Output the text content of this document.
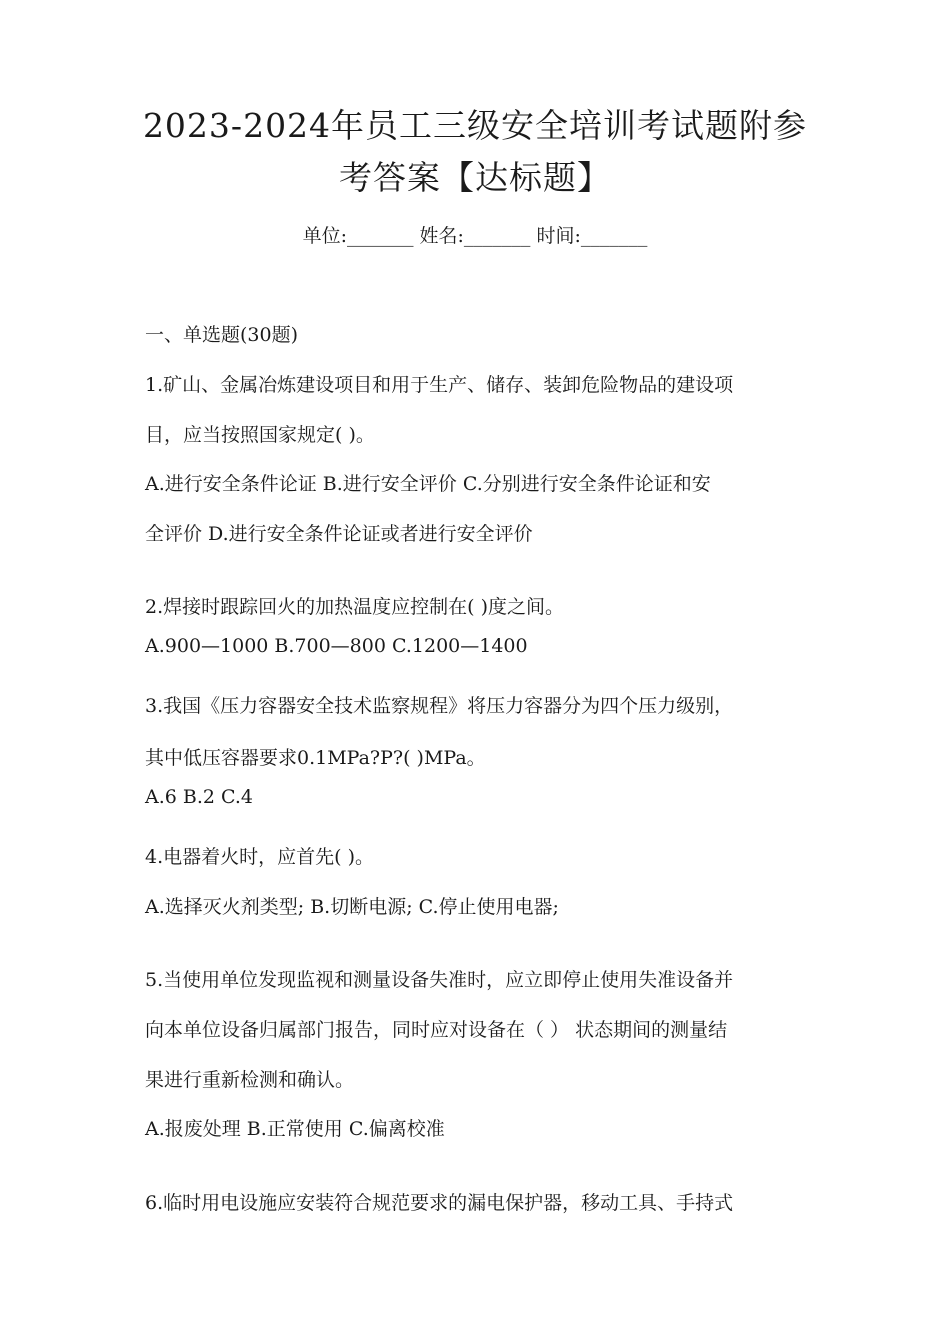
2023-2024年员工三级安全培训考试题附参
考答案【达标题】
单位:_______ 姓名:_______ 时间:_______
一、单选题(30题)
1.矿山、金属冶炼建设项目和用于生产、储存、装卸危险物品的建设项
目，应当按照国家规定( )。
A.进行安全条件论证 B.进行安全评价 C.分别进行安全条件论证和安
全评价 D.进行安全条件论证或者进行安全评价
2.焊接时跟踪回火的加热温度应控制在( )度之间。
A.900—1000 B.700—800 C.1200—1400
3.我国《压力容器安全技术监察规程》将压力容器分为四个压力级别，
其中低压容器要求0.1MPa?P?( )MPa。
A.6 B.2 C.4
4.电器着火时，应首先( )。
A.选择灭火剂类型; B.切断电源; C.停止使用电器;
5.当使用单位发现监视和测量设备失准时，应立即停止使用失准设备并
向本单位设备归属部门报告，同时应对设备在（ ） 状态期间的测量结
果进行重新检测和确认。
A.报废处理 B.正常使用 C.偏离校准
6.临时用电设施应安装符合规范要求的漏电保护器，移动工具、手持式
